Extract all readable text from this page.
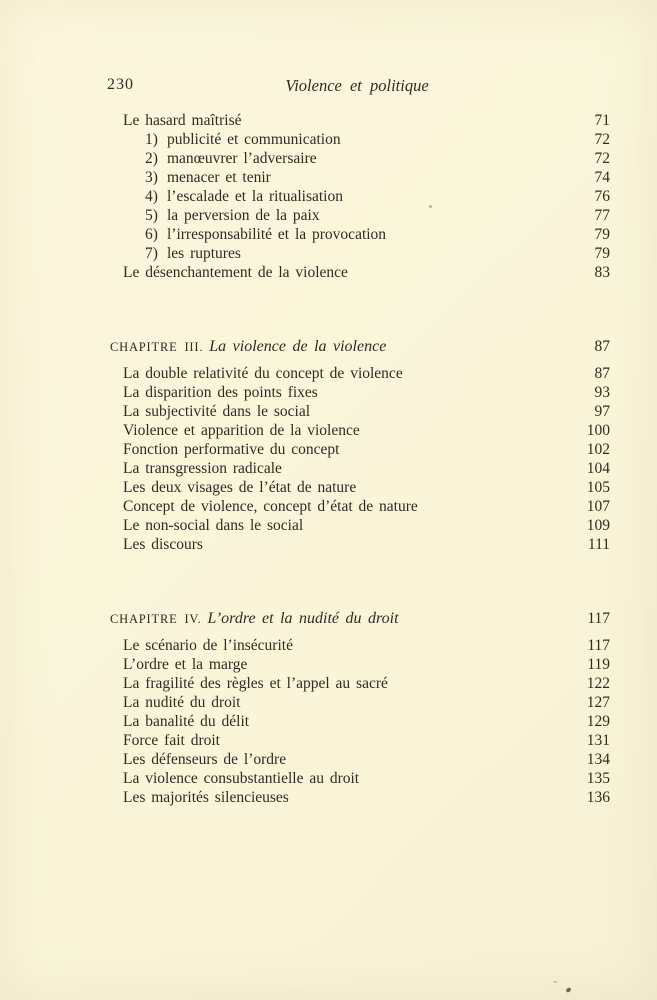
230	Violence et politique
Le hasard maîtrisé	71
1) publicité et communication	72
2) manœuvrer l’adversaire	72
3) menacer et tenir	74
4) l’escalade et la ritualisation	76
5) la perversion de la paix	77
6) l’irresponsabilité et la provocation	79
7) les ruptures	79
Le désenchantement de la violence	83
CHAPITRE III. La violence de la violence	87
La double relativité du concept de violence	87
La disparition des points fixes	93
La subjectivité dans le social	97
Violence et apparition de la violence	100
Fonction performative du concept	102
La transgression radicale	104
Les deux visages de l’état de nature	105
Concept de violence, concept d’état de nature	107
Le non-social dans le social	109
Les discours	111
CHAPITRE IV. L’ordre et la nudité du droit	117
Le scénario de l’insécurité	117
L’ordre et la marge	119
La fragilité des règles et l’appel au sacré	122
La nudité du droit	127
La banalité du délit	129
Force fait droit	131
Les défenseurs de l’ordre	134
La violence consubstantielle au droit	135
Les majorités silencieuses	136
